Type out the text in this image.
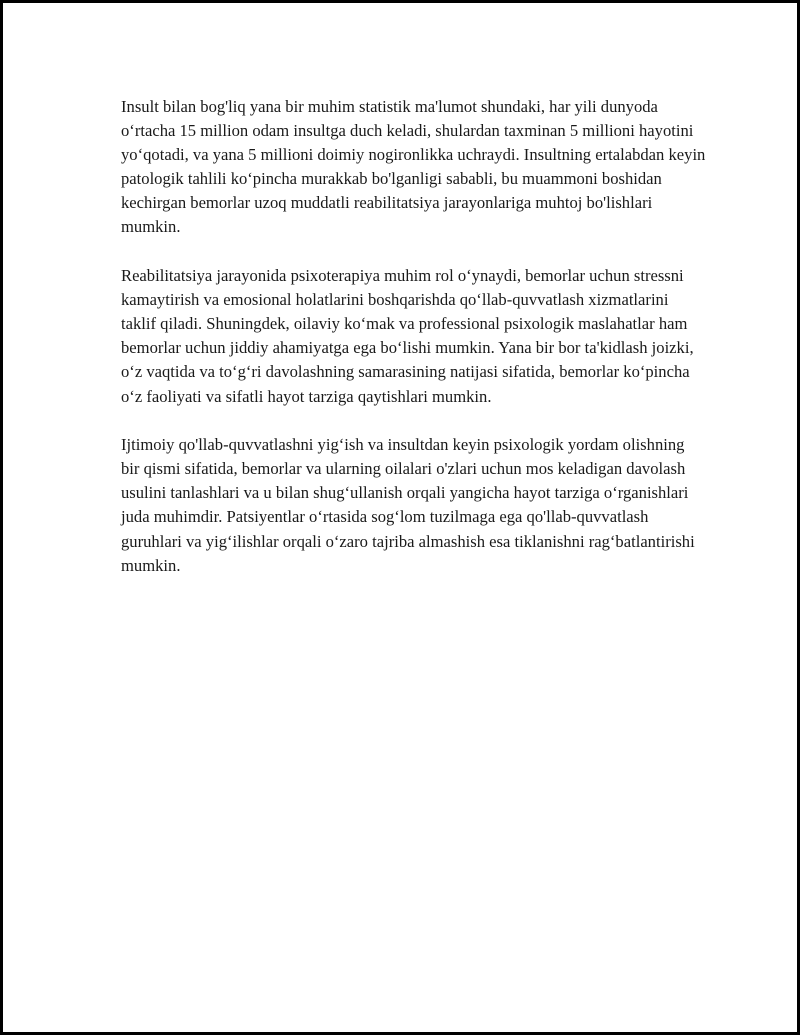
Insult bilan bog'liq yana bir muhim statistik ma'lumot shundaki, har yili dunyoda oʻrtacha 15 million odam insultga duch keladi, shulardan taxminan 5 millioni hayotini yoʻqotadi, va yana 5 millioni doimiy nogironlikka uchraydi. Insultning ertalabdan keyin patologik tahlili koʻpincha murakkab bo'lganligi sababli, bu muammoni boshidan kechirgan bemorlar uzoq muddatli reabilitatsiya jarayonlariga muhtoj bo'lishlari mumkin.

Reabilitatsiya jarayonida psixoterapiya muhim rol oʻynaydi, bemorlar uchun stressni kamaytirish va emosional holatlarini boshqarishda qoʻllab-quvvatlash xizmatlarini taklif qiladi. Shuningdek, oilaviy koʻmak va professional psixologik maslahatlar ham bemorlar uchun jiddiy ahamiyatga ega boʻlishi mumkin. Yana bir bor ta'kidlash joizki, oʻz vaqtida va toʻgʻri davolashning samarasining natijasi sifatida, bemorlar koʻpincha oʻz faoliyati va sifatli hayot tarziga qaytishlari mumkin.

Ijtimoiy qo'llab-quvvatlashni yigʻish va insultdan keyin psixologik yordam olishning bir qismi sifatida, bemorlar va ularning oilalari o'zlari uchun mos keladigan davolash usulini tanlashlari va u bilan shugʻullanish orqali yangicha hayot tarziga oʻrganishlari juda muhimdir. Patsiyentlar oʻrtasida sogʻlom tuzilmaga ega qo'llab-quvvatlash guruhlari va yigʻilishlar orqali oʻzaro tajriba almashish esa tiklanishni ragʻbatlantirishi mumkin.
